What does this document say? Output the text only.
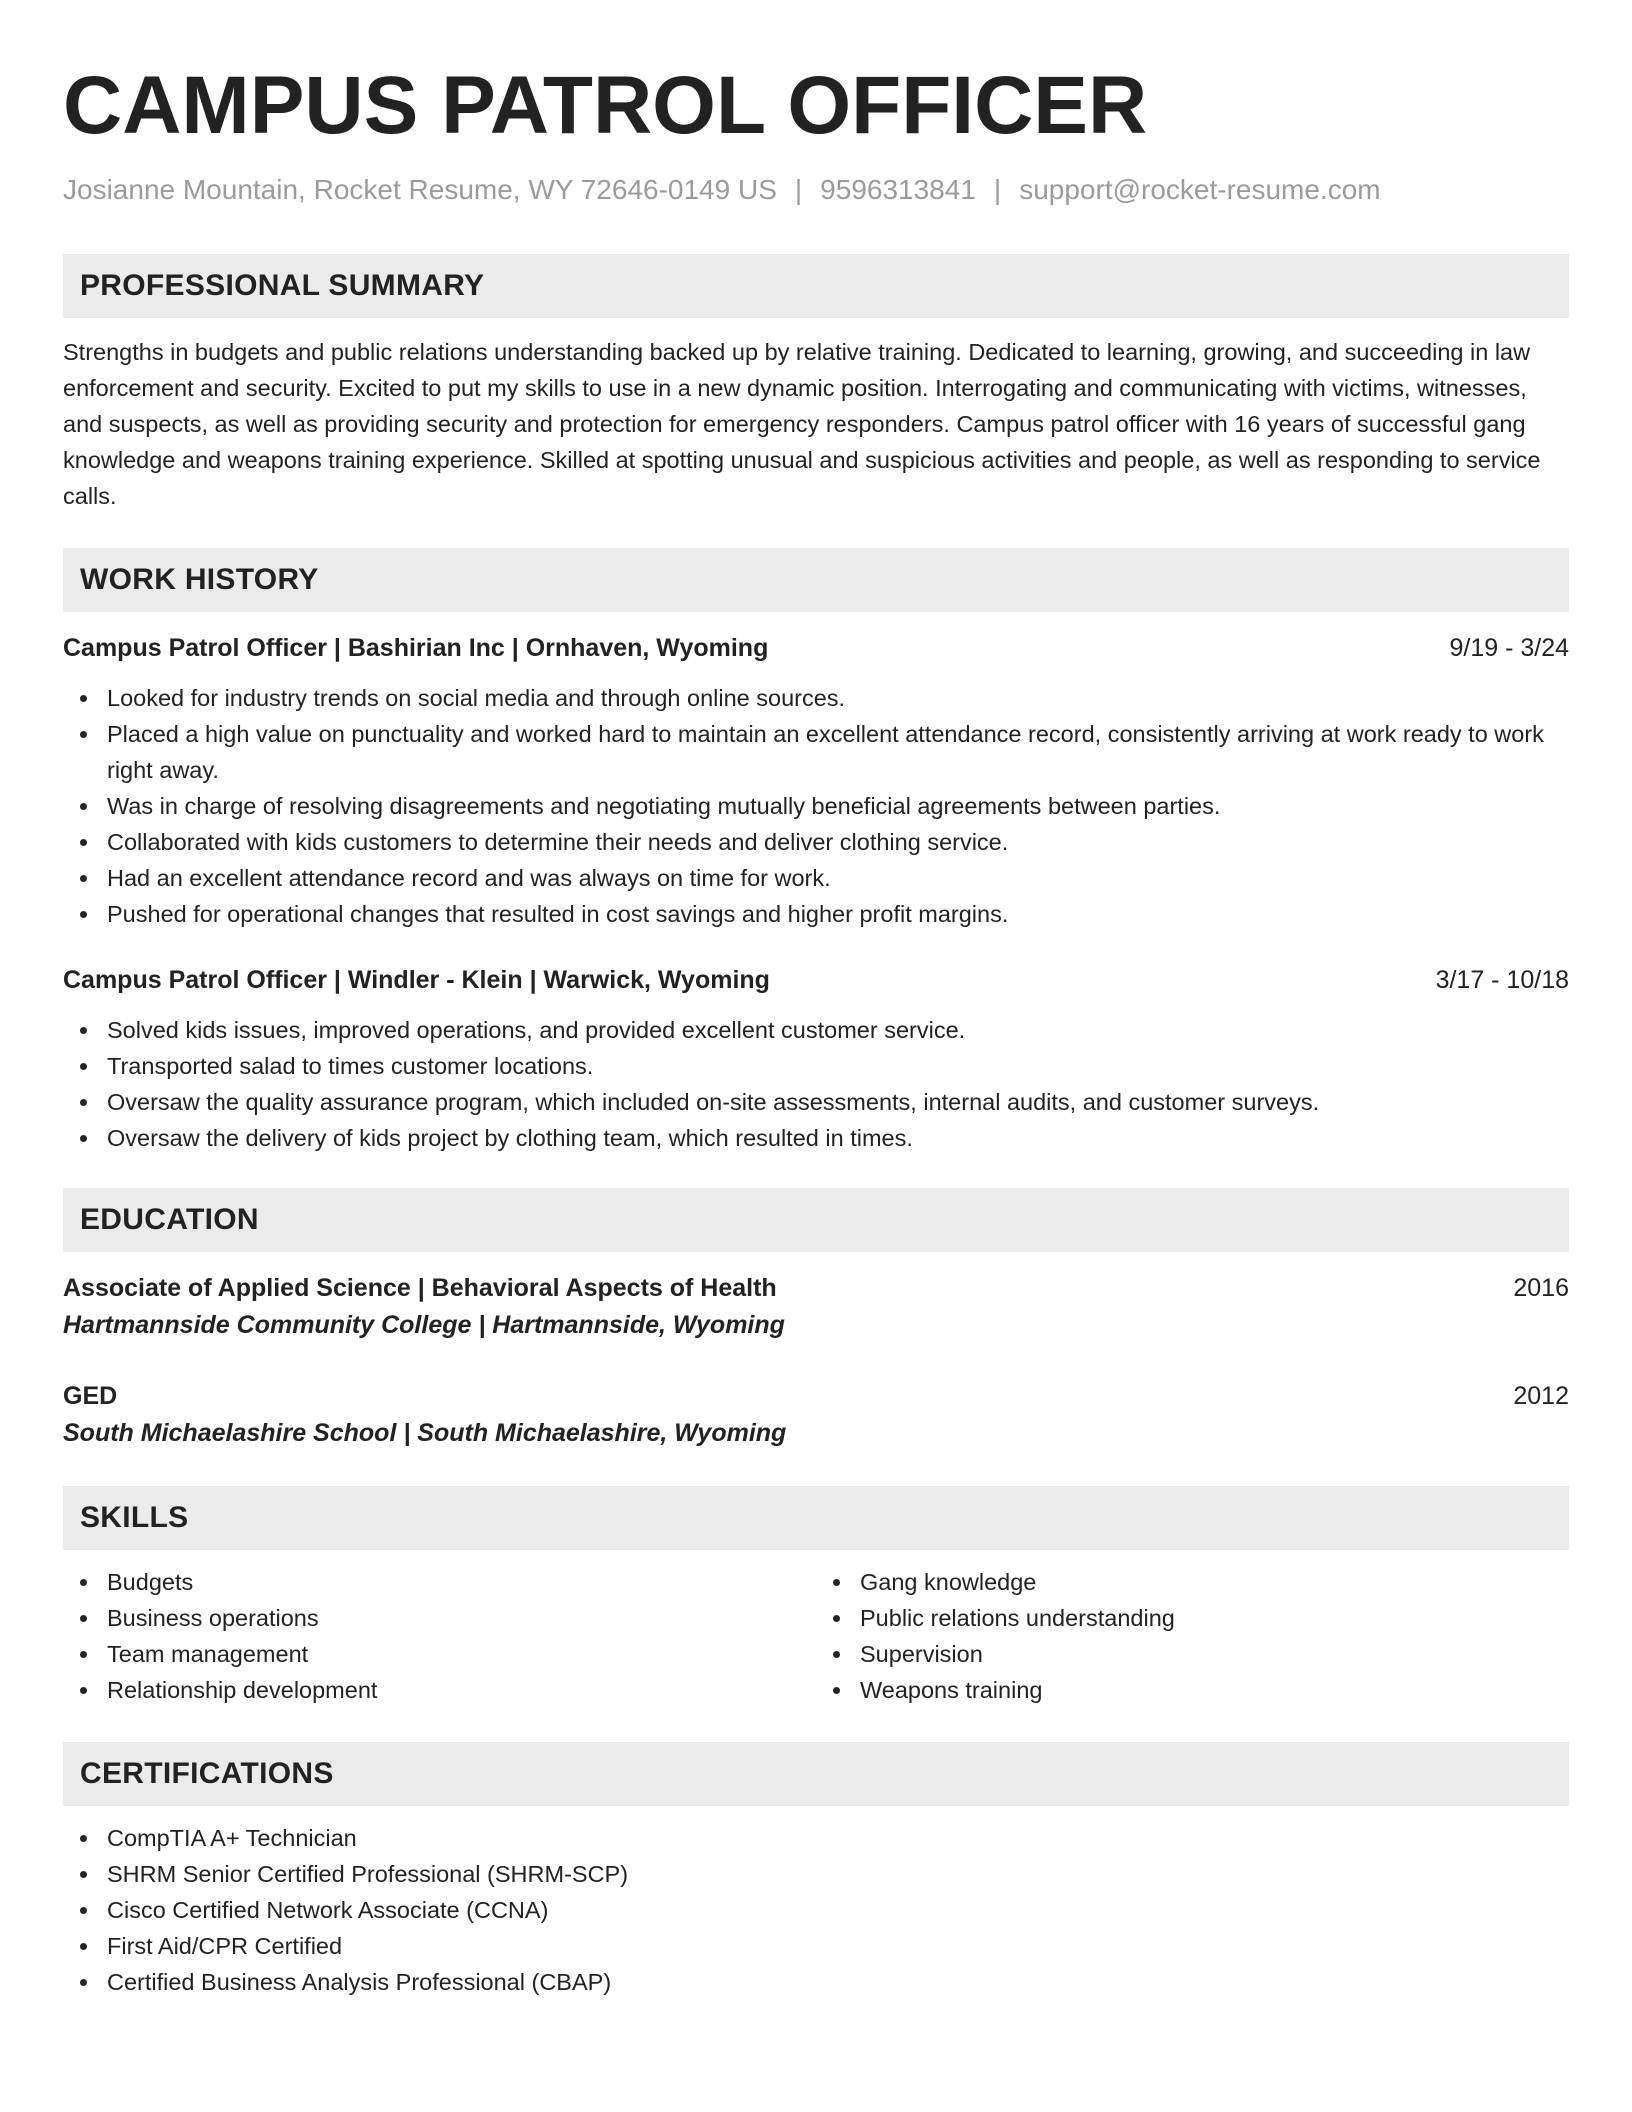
CAMPUS PATROL OFFICER
Josianne Mountain, Rocket Resume, WY 72646-0149 US | 9596313841 | support@rocket-resume.com
PROFESSIONAL SUMMARY
Strengths in budgets and public relations understanding backed up by relative training. Dedicated to learning, growing, and succeeding in law enforcement and security. Excited to put my skills to use in a new dynamic position. Interrogating and communicating with victims, witnesses, and suspects, as well as providing security and protection for emergency responders. Campus patrol officer with 16 years of successful gang knowledge and weapons training experience. Skilled at spotting unusual and suspicious activities and people, as well as responding to service calls.
WORK HISTORY
Campus Patrol Officer | Bashirian Inc | Ornhaven, Wyoming	9/19 - 3/24
Looked for industry trends on social media and through online sources.
Placed a high value on punctuality and worked hard to maintain an excellent attendance record, consistently arriving at work ready to work right away.
Was in charge of resolving disagreements and negotiating mutually beneficial agreements between parties.
Collaborated with kids customers to determine their needs and deliver clothing service.
Had an excellent attendance record and was always on time for work.
Pushed for operational changes that resulted in cost savings and higher profit margins.
Campus Patrol Officer | Windler - Klein | Warwick, Wyoming	3/17 - 10/18
Solved kids issues, improved operations, and provided excellent customer service.
Transported salad to times customer locations.
Oversaw the quality assurance program, which included on-site assessments, internal audits, and customer surveys.
Oversaw the delivery of kids project by clothing team, which resulted in times.
EDUCATION
Associate of Applied Science | Behavioral Aspects of Health	2016
Hartmannside Community College | Hartmannside, Wyoming
GED	2012
South Michaelashire School | South Michaelashire, Wyoming
SKILLS
Budgets
Business operations
Team management
Relationship development
Gang knowledge
Public relations understanding
Supervision
Weapons training
CERTIFICATIONS
CompTIA A+ Technician
SHRM Senior Certified Professional (SHRM-SCP)
Cisco Certified Network Associate (CCNA)
First Aid/CPR Certified
Certified Business Analysis Professional (CBAP)
